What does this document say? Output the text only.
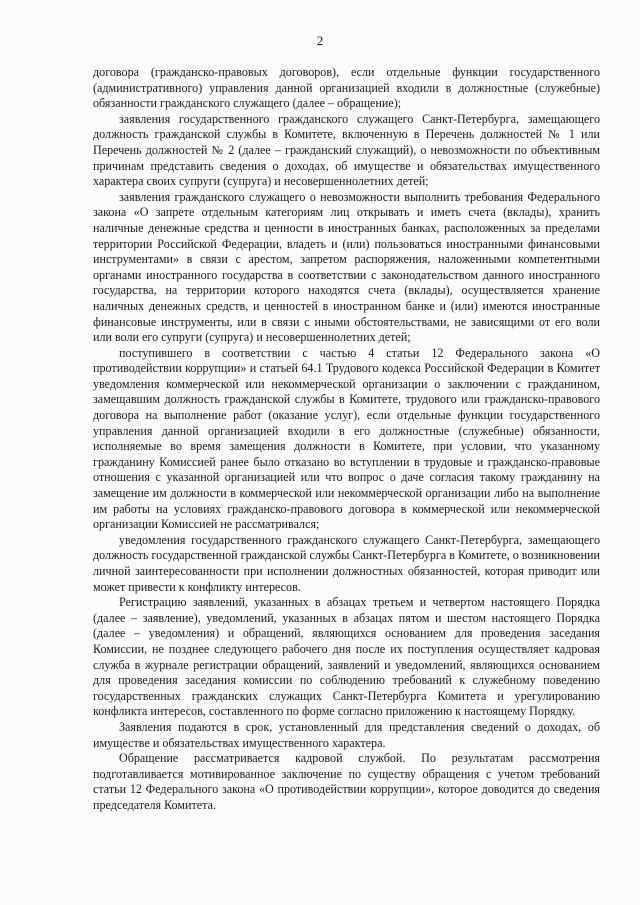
2

договора (гражданско-правовых договоров), если отдельные функции государственного (административного) управления данной организацией входили в должностные (служебные) обязанности гражданского служащего (далее – обращение);

заявления государственного гражданского служащего Санкт-Петербурга, замещающего должность гражданской службы в Комитете, включенную в Перечень должностей № 1 или Перечень должностей № 2 (далее – гражданский служащий), о невозможности по объективным причинам представить сведения о доходах, об имуществе и обязательствах имущественного характера своих супруги (супруга) и несовершеннолетних детей;

заявления гражданского служащего о невозможности выполнить требования Федерального закона «О запрете отдельным категориям лиц открывать и иметь счета (вклады), хранить наличные денежные средства и ценности в иностранных банках, расположенных за пределами территории Российской Федерации, владеть и (или) пользоваться иностранными финансовыми инструментами» в связи с арестом, запретом распоряжения, наложенными компетентными органами иностранного государства в соответствии с законодательством данного иностранного государства, на территории которого находятся счета (вклады), осуществляется хранение наличных денежных средств, и ценностей в иностранном банке и (или) имеются иностранные финансовые инструменты, или в связи с иными обстоятельствами, не зависящими от его воли или воли его супруги (супруга) и несовершеннолетних детей;

поступившего в соответствии с частью 4 статьи 12 Федерального закона «О противодействии коррупции» и статьей 64.1 Трудового кодекса Российской Федерации в Комитет уведомления коммерческой или некоммерческой организации о заключении с гражданином, замещавшим должность гражданской службы в Комитете, трудового или гражданско-правового договора на выполнение работ (оказание услуг), если отдельные функции государственного управления данной организацией входили в его должностные (служебные) обязанности, исполняемые во время замещения должности в Комитете, при условии, что указанному гражданину Комиссией ранее было отказано во вступлении в трудовые и гражданско-правовые отношения с указанной организацией или что вопрос о даче согласия такому гражданину на замещение им должности в коммерческой или некоммерческой организации либо на выполнение им работы на условиях гражданско-правового договора в коммерческой или некоммерческой организации Комиссией не рассматривался;

уведомления государственного гражданского служащего Санкт-Петербурга, замещающего должность государственной гражданской службы Санкт-Петербурга в Комитете, о возникновении личной заинтересованности при исполнении должностных обязанностей, которая приводит или может привести к конфликту интересов.

Регистрацию заявлений, указанных в абзацах третьем и четвертом настоящего Порядка (далее – заявление), уведомлений, указанных в абзацах пятом и шестом настоящего Порядка (далее – уведомления) и обращений, являющихся основанием для проведения заседания Комиссии, не позднее следующего рабочего дня после их поступления осуществляет кадровая служба в журнале регистрации обращений, заявлений и уведомлений, являющихся основанием для проведения заседания комиссии по соблюдению требований к служебному поведению государственных гражданских служащих Санкт-Петербурга Комитета и урегулированию конфликта интересов, составленного по форме согласно приложению к настоящему Порядку.

Заявления подаются в срок, установленный для представления сведений о доходах, об имуществе и обязательствах имущественного характера.

Обращение рассматривается кадровой службой. По результатам рассмотрения подготавливается мотивированное заключение по существу обращения с учетом требований статьи 12 Федерального закона «О противодействии коррупции», которое доводится до сведения председателя Комитета.
